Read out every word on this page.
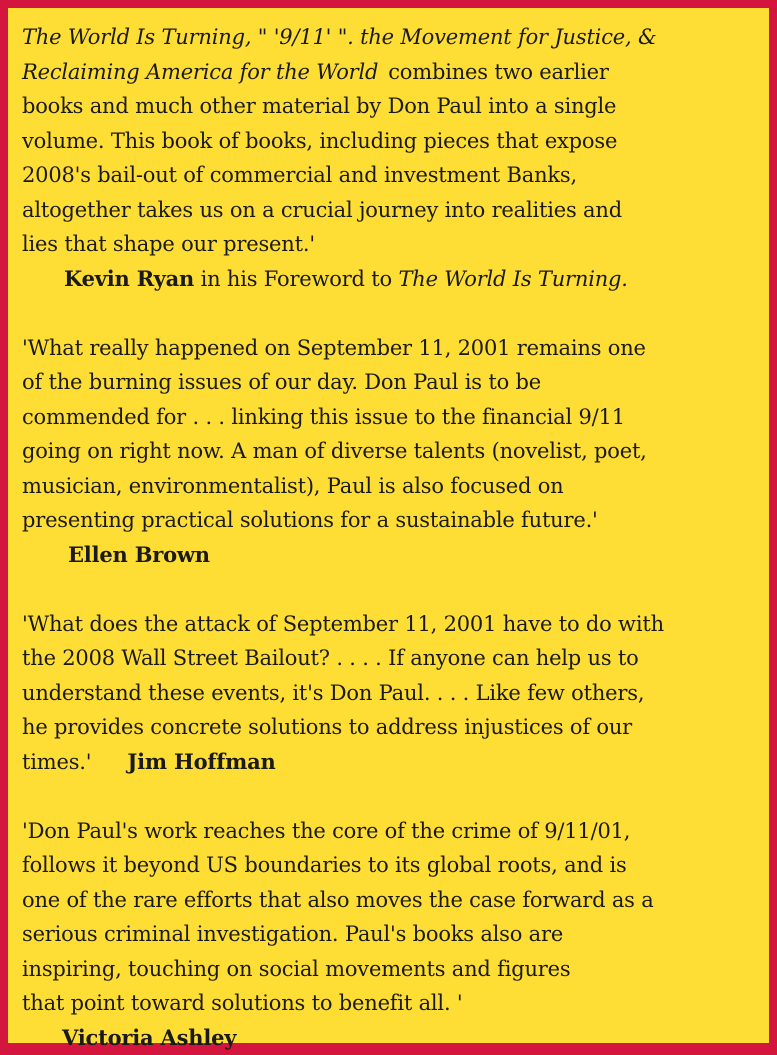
The World Is Turning, " '9/11' ". the Movement for Justice, &
Reclaiming America for the World combines two earlier
books and much other material by Don Paul into a single
volume. This book of books, including pieces that expose
2008's bail-out of commercial and investment Banks,
altogether takes us on a crucial journey into realities and
lies that shape our present.'
Kevin Ryan in his Foreword to The World Is Turning.
'What really happened on September 11, 2001 remains one
of the burning issues of our day. Don Paul is to be
commended for . . . linking this issue to the financial 9/11
going on right now. A man of diverse talents (novelist, poet,
musician, environmentalist), Paul is also focused on
presenting practical solutions for a sustainable future.'
Ellen Brown
'What does the attack of September 11, 2001 have to do with
the 2008 Wall Street Bailout? . . . . If anyone can help us to
understand these events, it's Don Paul. . . . Like few others,
he provides concrete solutions to address injustices of our
times.' Jim Hoffman
'Don Paul's work reaches the core of the crime of 9/11/01,
follows it beyond US boundaries to its global roots, and is
one of the rare efforts that also moves the case forward as a
serious criminal investigation. Paul's books also are
inspiring, touching on social movements and figures
that point toward solutions to benefit all. '
Victoria Ashley
